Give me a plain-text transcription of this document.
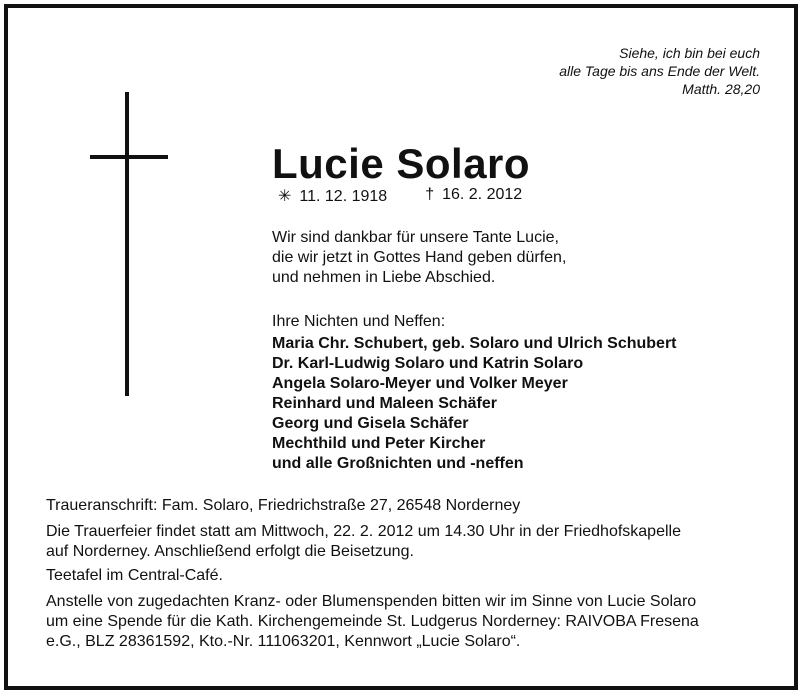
Siehe, ich bin bei euch
alle Tage bis ans Ende der Welt.
Matth. 28,20
Lucie Solaro
✳ 11. 12. 1918 † 16. 2. 2012
Wir sind dankbar für unsere Tante Lucie,
die wir jetzt in Gottes Hand geben dürfen,
und nehmen in Liebe Abschied.
Ihre Nichten und Neffen:
Maria Chr. Schubert, geb. Solaro und Ulrich Schubert
Dr. Karl-Ludwig Solaro und Katrin Solaro
Angela Solaro-Meyer und Volker Meyer
Reinhard und Maleen Schäfer
Georg und Gisela Schäfer
Mechthild und Peter Kircher
und alle Großnichten und -neffen
Traueranschrift: Fam. Solaro, Friedrichstraße 27, 26548 Norderney
Die Trauerfeier findet statt am Mittwoch, 22. 2. 2012 um 14.30 Uhr in der Friedhofskapelle
auf Norderney. Anschließend erfolgt die Beisetzung.
Teetafel im Central-Café.
Anstelle von zugedachten Kranz- oder Blumenspenden bitten wir im Sinne von Lucie Solaro
um eine Spende für die Kath. Kirchengemeinde St. Ludgerus Norderney: RAIVOBA Fresena
e.G., BLZ 28361592, Kto.-Nr. 111063201, Kennwort „Lucie Solaro“.
